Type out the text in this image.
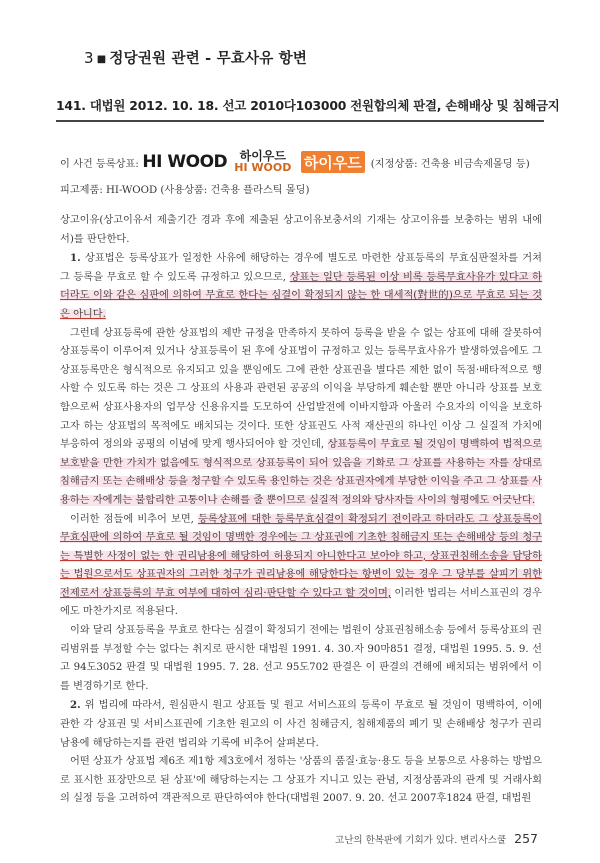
3 ■ 정당권원 관련 - 무효사유 항변
141. 대법원 2012. 10. 18. 선고 2010다103000 전원합의체 판결, 손해배상 및 침해금지
이 사건 등록상표: HI WOOD 하이우드
HI WOOD 하이우드 (지정상품: 건축용 비금속제몰딩 등)
피고제품: HI-WOOD (사용상품: 건축용 플라스틱 몰딩)

상고이유(상고이유서 제출기간 경과 후에 제출된 상고이유보충서의 기재는 상고이유를 보충하는 범위 내에서)를 판단한다.

1. 상표법은 등록상표가 일정한 사유에 해당하는 경우에 별도로 마련한 상표등록의 무효심판절차를 거쳐 그 등록을 무효로 할 수 있도록 규정하고 있으므로, 상표는 일단 등록된 이상 비록 등록무효사유가 있다고 하더라도 이와 같은 심판에 의하여 무효로 한다는 심결이 확정되지 않는 한 대세적(對世的)으로 무효로 되는 것은 아니다.

그런데 상표등록에 관한 상표법의 제반 규정을 만족하지 못하여 등록을 받을 수 없는 상표에 대해 잘못하여 상표등록이 이루어져 있거나 상표등록이 된 후에 상표법이 규정하고 있는 등록무효사유가 발생하였음에도 그 상표등록만은 형식적으로 유지되고 있을 뿐임에도 그에 관한 상표권을 별다른 제한 없이 독점·배타적으로 행사할 수 있도록 하는 것은 그 상표의 사용과 관련된 공공의 이익을 부당하게 훼손할 뿐만 아니라 상표를 보호함으로써 상표사용자의 업무상 신용유지를 도모하여 산업발전에 이바지함과 아울러 수요자의 이익을 보호하고자 하는 상표법의 목적에도 배치되는 것이다. 또한 상표권도 사적 재산권의 하나인 이상 그 실질적 가치에 부응하여 정의와 공평의 이념에 맞게 행사되어야 할 것인데, 상표등록이 무효로 될 것임이 명백하여 법적으로 보호받을 만한 가치가 없음에도 형식적으로 상표등록이 되어 있음을 기화로 그 상표를 사용하는 자를 상대로 침해금지 또는 손해배상 등을 청구할 수 있도록 용인하는 것은 상표권자에게 부당한 이익을 주고 그 상표를 사용하는 자에게는 불합리한 고통이나 손해를 줄 뿐이므로 실질적 정의와 당사자들 사이의 형평에도 어긋난다.

이러한 점들에 비추어 보면, 등록상표에 대한 등록무효심결이 확정되기 전이라고 하더라도 그 상표등록이 무효심판에 의하여 무효로 될 것임이 명백한 경우에는 그 상표권에 기초한 침해금지 또는 손해배상 등의 청구는 특별한 사정이 없는 한 권리남용에 해당하여 허용되지 아니한다고 보아야 하고, 상표권침해소송을 담당하는 법원으로서도 상표권자의 그러한 청구가 권리남용에 해당한다는 항변이 있는 경우 그 당부를 살피기 위한 전제로서 상표등록의 무효 여부에 대하여 심리·판단할 수 있다고 할 것이며, 이러한 법리는 서비스표권의 경우에도 마찬가지로 적용된다.

이와 달리 상표등록을 무효로 한다는 심결이 확정되기 전에는 법원이 상표권침해소송 등에서 등록상표의 권리범위를 부정할 수는 없다는 취지로 판시한 대법원 1991. 4. 30.자 90마851 결정, 대법원 1995. 5. 9. 선고 94도3052 판결 및 대법원 1995. 7. 28. 선고 95도702 판결은 이 판결의 견해에 배치되는 범위에서 이를 변경하기로 한다.

2. 위 법리에 따라서, 원심판시 원고 상표들 및 원고 서비스표의 등록이 무효로 될 것임이 명백하여, 이에 관한 각 상표권 및 서비스표권에 기초한 원고의 이 사건 침해금지, 침해제품의 폐기 및 손해배상 청구가 권리남용에 해당하는지를 관련 법리와 기록에 비추어 살펴본다.

어떤 상표가 상표법 제6조 제1항 제3호에서 정하는 '상품의 품질·효능·용도 등을 보통으로 사용하는 방법으로 표시한 표장만으로 된 상표'에 해당하는지는 그 상표가 지니고 있는 관념, 지정상품과의 관계 및 거래사회의 실정 등을 고려하여 객관적으로 판단하여야 한다(대법원 2007. 9. 20. 선고 2007후1824 판결, 대법원

고난의 한복판에 기회가 있다. 변리사스쿨 257
